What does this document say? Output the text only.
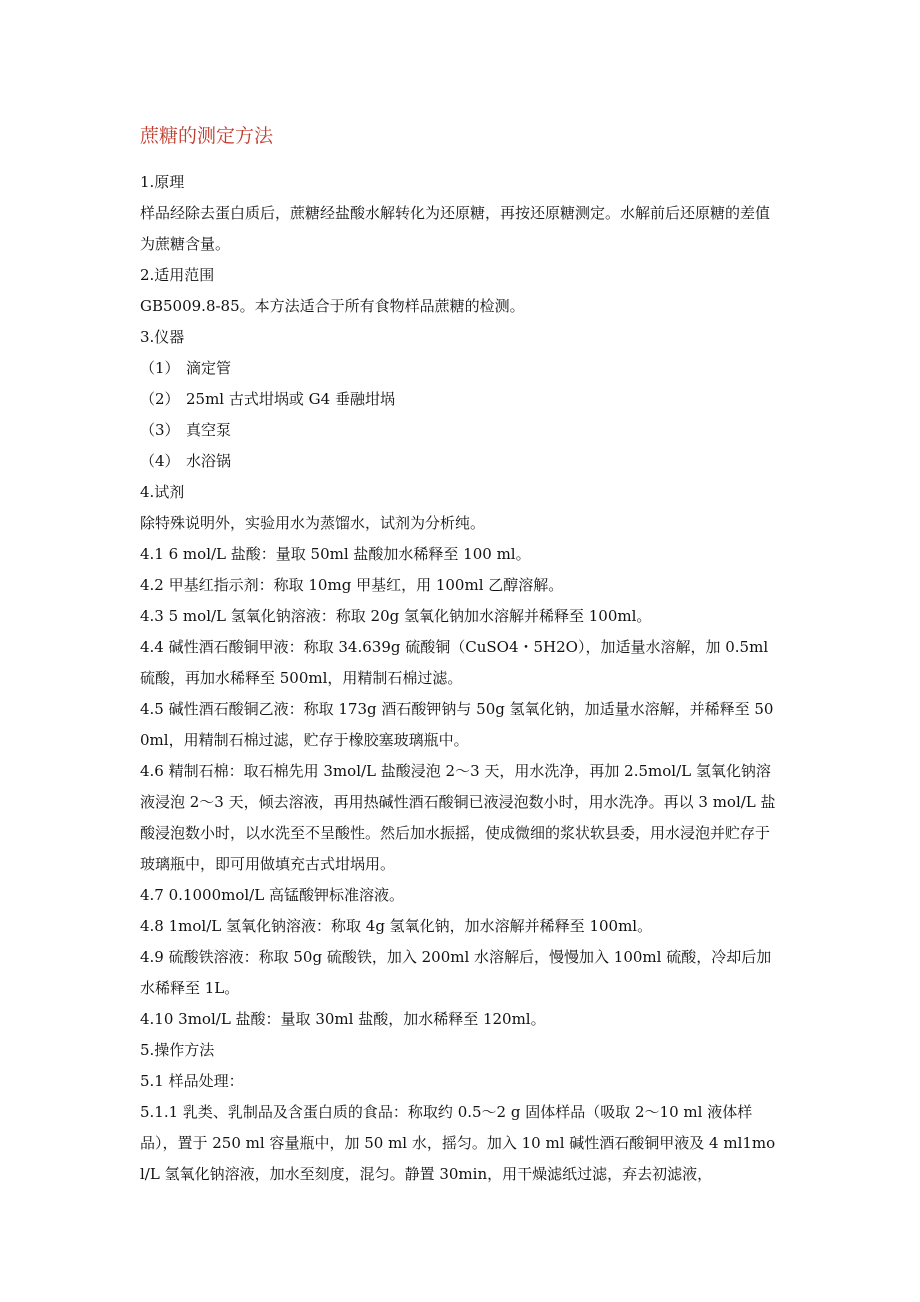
蔗糖的测定方法

1.原理

样品经除去蛋白质后，蔗糖经盐酸水解转化为还原糖，再按还原糖测定。水解前后还原糖的差值为蔗糖含量。

2.适用范围

GB5009.8-85。本方法适合于所有食物样品蔗糖的检测。

3.仪器

（1） 滴定管

（2） 25ml 古式坩埚或 G4 垂融坩埚

（3） 真空泵

（4） 水浴锅

4.试剂

除特殊说明外，实验用水为蒸馏水，试剂为分析纯。

4.1 6 mol/L 盐酸：量取 50ml 盐酸加水稀释至 100 ml。

4.2 甲基红指示剂：称取 10mg 甲基红，用 100ml 乙醇溶解。

4.3 5 mol/L 氢氧化钠溶液：称取 20g 氢氧化钠加水溶解并稀释至 100ml。

4.4 碱性酒石酸铜甲液：称取 34.639g 硫酸铜（CuSO4・5H2O），加适量水溶解，加 0.5ml 硫酸，再加水稀释至 500ml，用精制石棉过滤。

4.5 碱性酒石酸铜乙液：称取 173g 酒石酸钾钠与 50g 氢氧化钠，加适量水溶解，并稀释至 500ml，用精制石棉过滤，贮存于橡胶塞玻璃瓶中。

4.6 精制石棉：取石棉先用 3mol/L 盐酸浸泡 2～3 天，用水洗净，再加 2.5mol/L 氢氧化钠溶液浸泡 2～3 天，倾去溶液，再用热碱性酒石酸铜已液浸泡数小时，用水洗净。再以 3 mol/L 盐酸浸泡数小时，以水洗至不呈酸性。然后加水振摇，使成微细的浆状软县委，用水浸泡并贮存于玻璃瓶中，即可用做填充古式坩埚用。

4.7 0.1000mol/L 高锰酸钾标准溶液。

4.8 1mol/L 氢氧化钠溶液：称取 4g 氢氧化钠，加水溶解并稀释至 100ml。

4.9 硫酸铁溶液：称取 50g 硫酸铁，加入 200ml 水溶解后，慢慢加入 100ml 硫酸，冷却后加水稀释至 1L。

4.10 3mol/L 盐酸：量取 30ml 盐酸，加水稀释至 120ml。

5.操作方法

5.1 样品处理：

5.1.1 乳类、乳制品及含蛋白质的食品：称取约 0.5～2 g 固体样品（吸取 2～10 ml 液体样品），置于 250 ml 容量瓶中，加 50 ml 水，摇匀。加入 10 ml 碱性酒石酸铜甲液及 4 ml1mol/L 氢氧化钠溶液，加水至刻度，混匀。静置 30min，用干燥滤纸过滤，弃去初滤液，
